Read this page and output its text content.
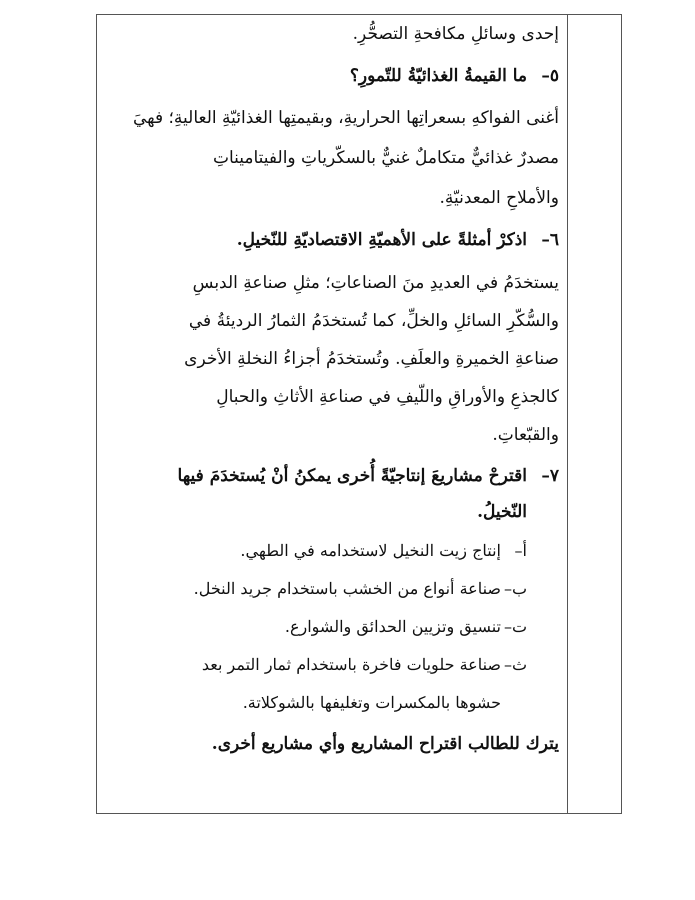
إحدى وسائلِ مكافحةِ التصحُّرِ.
٥–ما القيمةُ الغذائيّةُ للتّمورِ؟
أغنى الفواكهِ بسعراتِها الحراريةِ، وبقيمتِها الغذائيّةِ العاليةِ؛ فهيَ
مصدرٌ غذائيٌّ متكاملٌ غنيٌّ بالسكّرياتِ والفيتاميناتِ
والأملاحِ المعدنيّةِ.
٦–اذكرْ أمثلةً على الأهميّةِ الاقتصاديّةِ للنّخيلِ.
يستخدَمُ في العديدِ منَ الصناعاتِ؛ مثلِ صناعةِ الدبسِ
والسُّكّرِ السائلِ والخلِّ، كما تُستخدَمُ الثمارُ الرديئةُ في
صناعةِ الخميرةِ والعلَفِ. وتُستخدَمُ أجزاءُ النخلةِ الأخرى
كالجذعِ والأوراقِ واللّيفِ في صناعةِ الأثاثِ والحبالِ
والقبّعاتِ.
٧–اقترحْ مشاريعَ إنتاجيّةً أُخرى يمكنُ أنْ يُستخدَمَ فيها
النّخيلُ.
أ–إنتاج زيت النخيل لاستخدامه في الطهي.
ب–صناعة أنواع من الخشب باستخدام جريد النخل.
ت–تنسيق وتزيين الحدائق والشوارع.
ث–صناعة حلويات فاخرة باستخدام ثمار التمر بعد
حشوها بالمكسرات وتغليفها بالشوكلاتة.
يترك للطالب اقتراح المشاريع وأي مشاريع أخرى.
